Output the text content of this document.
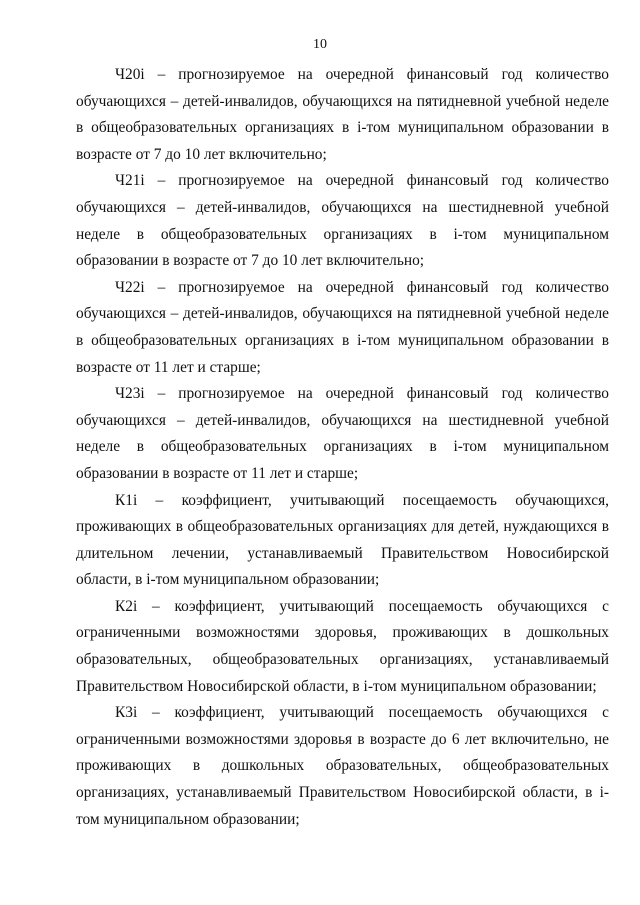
10

Ч20i – прогнозируемое на очередной финансовый год количество обучающихся – детей-инвалидов, обучающихся на пятидневной учебной неделе в общеобразовательных организациях в i-том муниципальном образовании в возрасте от 7 до 10 лет включительно;

Ч21i – прогнозируемое на очередной финансовый год количество обучающихся – детей-инвалидов, обучающихся на шестидневной учебной неделе в общеобразовательных организациях в i-том муниципальном образовании в возрасте от 7 до 10 лет включительно;

Ч22i – прогнозируемое на очередной финансовый год количество обучающихся – детей-инвалидов, обучающихся на пятидневной учебной неделе в общеобразовательных организациях в i-том муниципальном образовании в возрасте от 11 лет и старше;

Ч23i – прогнозируемое на очередной финансовый год количество обучающихся – детей-инвалидов, обучающихся на шестидневной учебной неделе в общеобразовательных организациях в i-том муниципальном образовании в возрасте от 11 лет и старше;

К1i – коэффициент, учитывающий посещаемость обучающихся, проживающих в общеобразовательных организациях для детей, нуждающихся в длительном лечении, устанавливаемый Правительством Новосибирской области, в i-том муниципальном образовании;

К2i – коэффициент, учитывающий посещаемость обучающихся с ограниченными возможностями здоровья, проживающих в дошкольных образовательных, общеобразовательных организациях, устанавливаемый Правительством Новосибирской области, в i-том муниципальном образовании;

К3i – коэффициент, учитывающий посещаемость обучающихся с ограниченными возможностями здоровья в возрасте до 6 лет включительно, не проживающих в дошкольных образовательных, общеобразовательных организациях, устанавливаемый Правительством Новосибирской области, в i-том муниципальном образовании;
